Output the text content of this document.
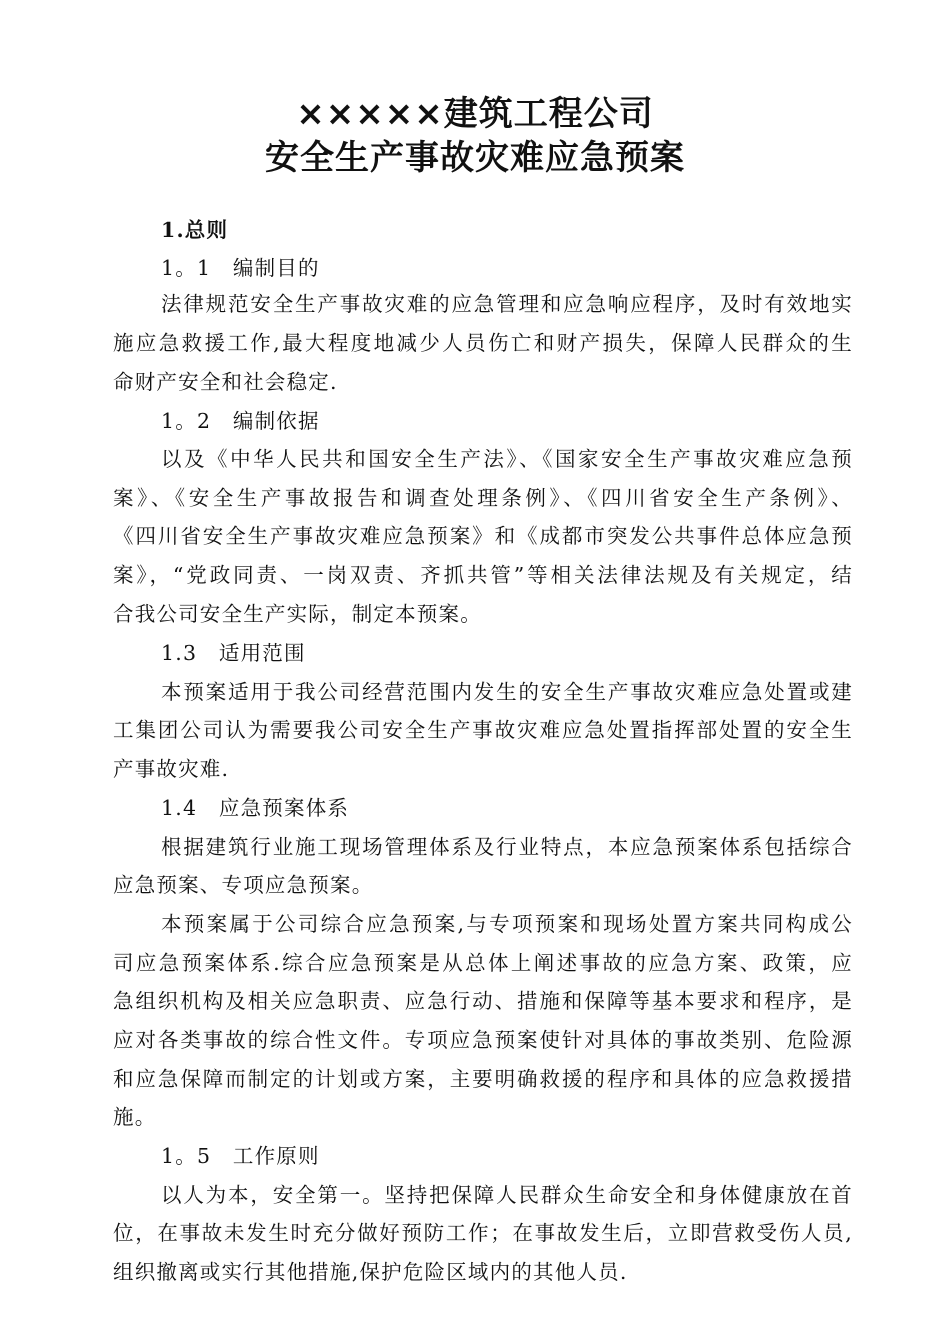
×××××建筑工程公司
安全生产事故灾难应急预案
1.总则
1。1　编制目的
法律规范安全生产事故灾难的应急管理和应急响应程序，及时有效地实
施应急救援工作,最大程度地减少人员伤亡和财产损失，保障人民群众的生
命财产安全和社会稳定.
1。2　编制依据
以及《中华人民共和国安全生产法》、《国家安全生产事故灾难应急预
案》、《安全生产事故报告和调查处理条例》、《四川省安全生产条例》、
《四川省安全生产事故灾难应急预案》和《成都市突发公共事件总体应急预
案》，“党政同责、一岗双责、齐抓共管”等相关法律法规及有关规定，结
合我公司安全生产实际，制定本预案。
1.3　适用范围
本预案适用于我公司经营范围内发生的安全生产事故灾难应急处置或建
工集团公司认为需要我公司安全生产事故灾难应急处置指挥部处置的安全生
产事故灾难.
1.4　应急预案体系
根据建筑行业施工现场管理体系及行业特点，本应急预案体系包括综合
应急预案、专项应急预案。
本预案属于公司综合应急预案,与专项预案和现场处置方案共同构成公
司应急预案体系.综合应急预案是从总体上阐述事故的应急方案、政策，应
急组织机构及相关应急职责、应急行动、措施和保障等基本要求和程序，是
应对各类事故的综合性文件。专项应急预案使针对具体的事故类别、危险源
和应急保障而制定的计划或方案，主要明确救援的程序和具体的应急救援措
施。
1。5　工作原则
以人为本，安全第一。坚持把保障人民群众生命安全和身体健康放在首
位，在事故未发生时充分做好预防工作；在事故发生后，立即营救受伤人员,
组织撤离或实行其他措施,保护危险区域内的其他人员.
